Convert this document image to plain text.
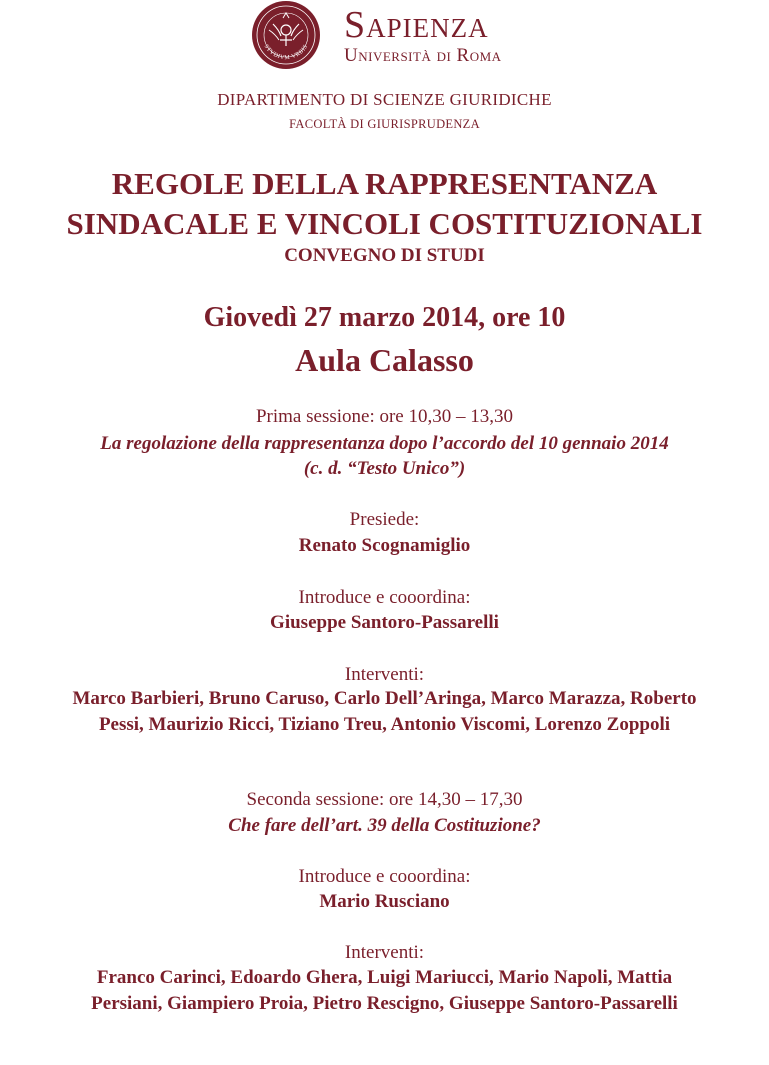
STVDIVM VRBIS
Sapienza
Università di Roma
DIPARTIMENTO DI SCIENZE GIURIDICHE
FACOLTÀ DI GIURISPRUDENZA
REGOLE DELLA RAPPRESENTANZA
SINDACALE E VINCOLI COSTITUZIONALI
CONVEGNO DI STUDI
Giovedì 27 marzo 2014, ore 10
Aula Calasso
Prima sessione: ore 10,30 – 13,30
La regolazione della rappresentanza dopo l’accordo del 10 gennaio 2014
(c. d. “Testo Unico”)
Presiede:
Renato Scognamiglio
Introduce e cooordina:
Giuseppe Santoro-Passarelli
Interventi:
Marco Barbieri, Bruno Caruso, Carlo Dell’Aringa, Marco Marazza, Roberto
Pessi, Maurizio Ricci, Tiziano Treu, Antonio Viscomi, Lorenzo Zoppoli
Seconda sessione: ore 14,30 – 17,30
Che fare dell’art. 39 della Costituzione?
Introduce e cooordina:
Mario Rusciano
Interventi:
Franco Carinci, Edoardo Ghera, Luigi Mariucci, Mario Napoli, Mattia
Persiani, Giampiero Proia, Pietro Rescigno, Giuseppe Santoro-Passarelli
